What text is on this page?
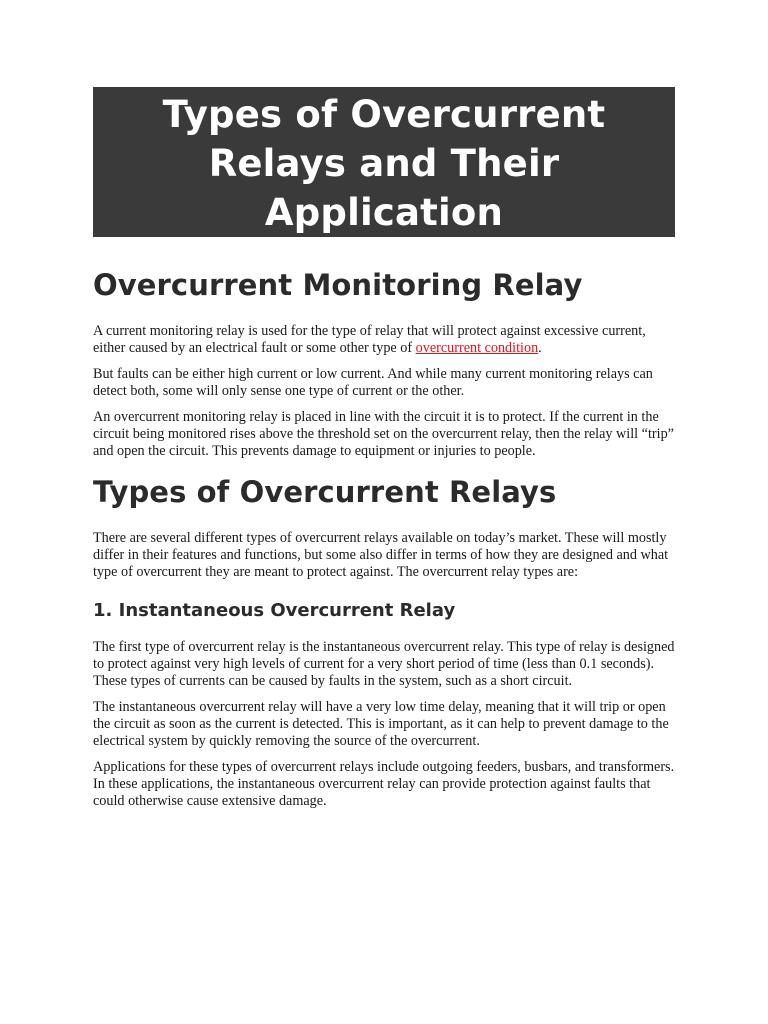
Types of Overcurrent Relays and Their Application
Overcurrent Monitoring Relay

A current monitoring relay is used for the type of relay that will protect against excessive current, either caused by an electrical fault or some other type of overcurrent condition.

But faults can be either high current or low current. And while many current monitoring relays can detect both, some will only sense one type of current or the other.

An overcurrent monitoring relay is placed in line with the circuit it is to protect. If the current in the circuit being monitored rises above the threshold set on the overcurrent relay, then the relay will “trip” and open the circuit. This prevents damage to equipment or injuries to people.

Types of Overcurrent Relays

There are several different types of overcurrent relays available on today’s market. These will mostly differ in their features and functions, but some also differ in terms of how they are designed and what type of overcurrent they are meant to protect against. The overcurrent relay types are:

1. Instantaneous Overcurrent Relay

The first type of overcurrent relay is the instantaneous overcurrent relay. This type of relay is designed to protect against very high levels of current for a very short period of time (less than 0.1 seconds). These types of currents can be caused by faults in the system, such as a short circuit.

The instantaneous overcurrent relay will have a very low time delay, meaning that it will trip or open the circuit as soon as the current is detected. This is important, as it can help to prevent damage to the electrical system by quickly removing the source of the overcurrent.

Applications for these types of overcurrent relays include outgoing feeders, busbars, and transformers. In these applications, the instantaneous overcurrent relay can provide protection against faults that could otherwise cause extensive damage.
